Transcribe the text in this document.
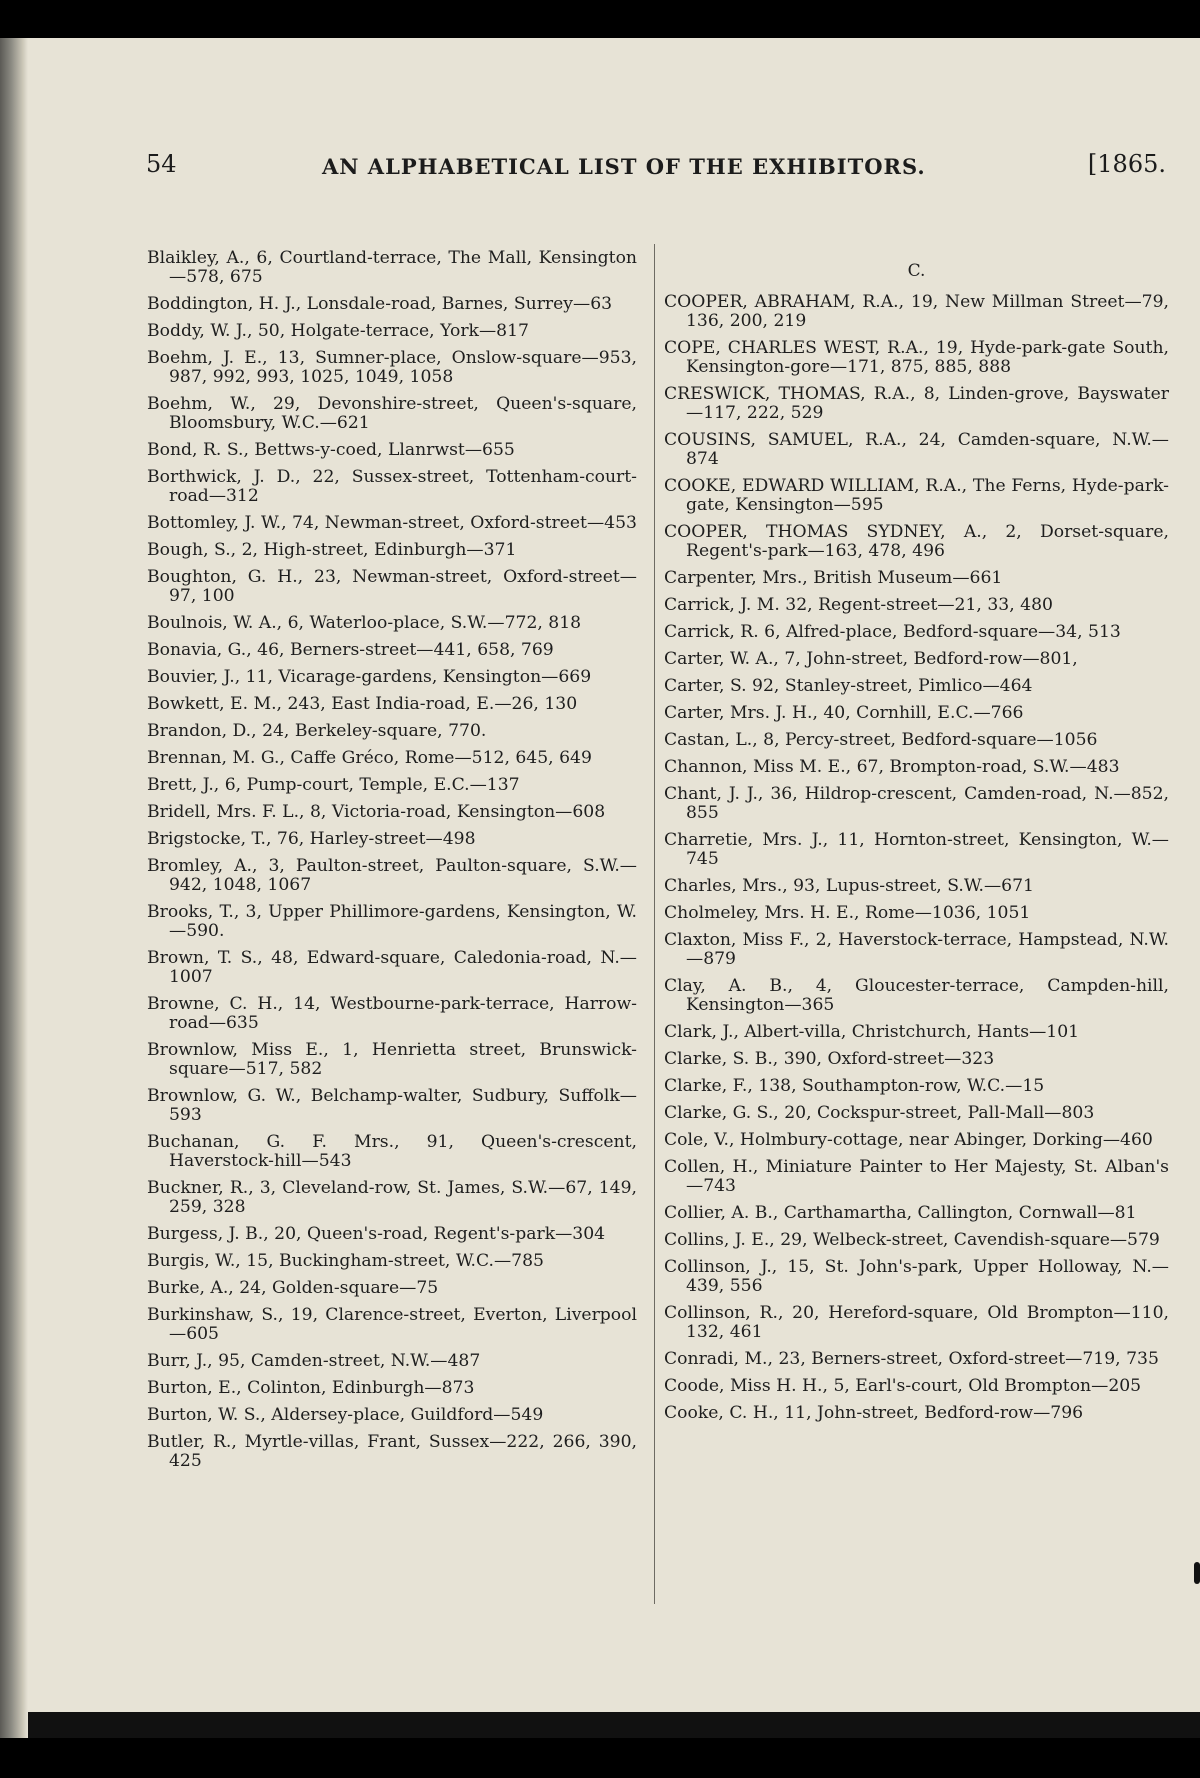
54	AN ALPHABETICAL LIST OF THE EXHIBITORS.	[1865.

Blaikley, A., 6, Courtland-terrace, The Mall, Kensington—578, 675

Boddington, H. J., Lonsdale-road, Barnes, Surrey—63

Boddy, W. J., 50, Holgate-terrace, York—817

Boehm, J. E., 13, Sumner-place, Onslow-square—953, 987, 992, 993, 1025, 1049, 1058

Boehm, W., 29, Devonshire-street, Queen's-square, Bloomsbury, W.C.—621

Bond, R. S., Bettws-y-coed, Llanrwst—655

Borthwick, J. D., 22, Sussex-street, Tottenham-court-road—312

Bottomley, J. W., 74, Newman-street, Oxford-street—453

Bough, S., 2, High-street, Edinburgh—371

Boughton, G. H., 23, Newman-street, Oxford-street—97, 100

Boulnois, W. A., 6, Waterloo-place, S.W.—772, 818

Bonavia, G., 46, Berners-street—441, 658, 769

Bouvier, J., 11, Vicarage-gardens, Kensington—669

Bowkett, E. M., 243, East India-road, E.—26, 130

Brandon, D., 24, Berkeley-square, 770.

Brennan, M. G., Caffe Gréco, Rome—512, 645, 649

Brett, J., 6, Pump-court, Temple, E.C.—137

Bridell, Mrs. F. L., 8, Victoria-road, Kensington—608

Brigstocke, T., 76, Harley-street—498

Bromley, A., 3, Paulton-street, Paulton-square, S.W.—942, 1048, 1067

Brooks, T., 3, Upper Phillimore-gardens, Kensington, W.—590.

Brown, T. S., 48, Edward-square, Caledonia-road, N.—1007

Browne, C. H., 14, Westbourne-park-terrace, Harrow-road—635

Brownlow, Miss E., 1, Henrietta street, Brunswick-square—517, 582

Brownlow, G. W., Belchamp-walter, Sudbury, Suffolk—593

Buchanan, G. F. Mrs., 91, Queen's-crescent, Haverstock-hill—543

Buckner, R., 3, Cleveland-row, St. James, S.W.—67, 149, 259, 328

Burgess, J. B., 20, Queen's-road, Regent's-park—304

Burgis, W., 15, Buckingham-street, W.C.—785

Burke, A., 24, Golden-square—75

Burkinshaw, S., 19, Clarence-street, Everton, Liverpool—605

Burr, J., 95, Camden-street, N.W.—487

Burton, E., Colinton, Edinburgh—873

Burton, W. S., Aldersey-place, Guildford—549

Butler, R., Myrtle-villas, Frant, Sussex—222, 266, 390, 425

C.

COOPER, ABRAHAM, R.A., 19, New Millman Street—79, 136, 200, 219

COPE, CHARLES WEST, R.A., 19, Hyde-park-gate South, Kensington-gore—171, 875, 885, 888

CRESWICK, THOMAS, R.A., 8, Linden-grove, Bayswater—117, 222, 529

COUSINS, SAMUEL, R.A., 24, Camden-square, N.W.—874

COOKE, EDWARD WILLIAM, R.A., The Ferns, Hyde-park-gate, Kensington—595

COOPER, THOMAS SYDNEY, A., 2, Dorset-square, Regent's-park—163, 478, 496

Carpenter, Mrs., British Museum—661

Carrick, J. M. 32, Regent-street—21, 33, 480

Carrick, R. 6, Alfred-place, Bedford-square—34, 513

Carter, W. A., 7, John-street, Bedford-row—801,

Carter, S. 92, Stanley-street, Pimlico—464

Carter, Mrs. J. H., 40, Cornhill, E.C.—766

Castan, L., 8, Percy-street, Bedford-square—1056

Channon, Miss M. E., 67, Brompton-road, S.W.—483

Chant, J. J., 36, Hildrop-crescent, Camden-road, N.—852, 855

Charretie, Mrs. J., 11, Hornton-street, Kensington, W.—745

Charles, Mrs., 93, Lupus-street, S.W.—671

Cholmeley, Mrs. H. E., Rome—1036, 1051

Claxton, Miss F., 2, Haverstock-terrace, Hampstead, N.W.—879

Clay, A. B., 4, Gloucester-terrace, Campden-hill, Kensington—365

Clark, J., Albert-villa, Christchurch, Hants—101

Clarke, S. B., 390, Oxford-street—323

Clarke, F., 138, Southampton-row, W.C.—15

Clarke, G. S., 20, Cockspur-street, Pall-Mall—803

Cole, V., Holmbury-cottage, near Abinger, Dorking—460

Collen, H., Miniature Painter to Her Majesty, St. Alban's—743

Collier, A. B., Carthamartha, Callington, Cornwall—81

Collins, J. E., 29, Welbeck-street, Cavendish-square—579

Collinson, J., 15, St. John's-park, Upper Holloway, N.—439, 556

Collinson, R., 20, Hereford-square, Old Brompton—110, 132, 461

Conradi, M., 23, Berners-street, Oxford-street—719, 735

Coode, Miss H. H., 5, Earl's-court, Old Brompton—205

Cooke, C. H., 11, John-street, Bedford-row—796
